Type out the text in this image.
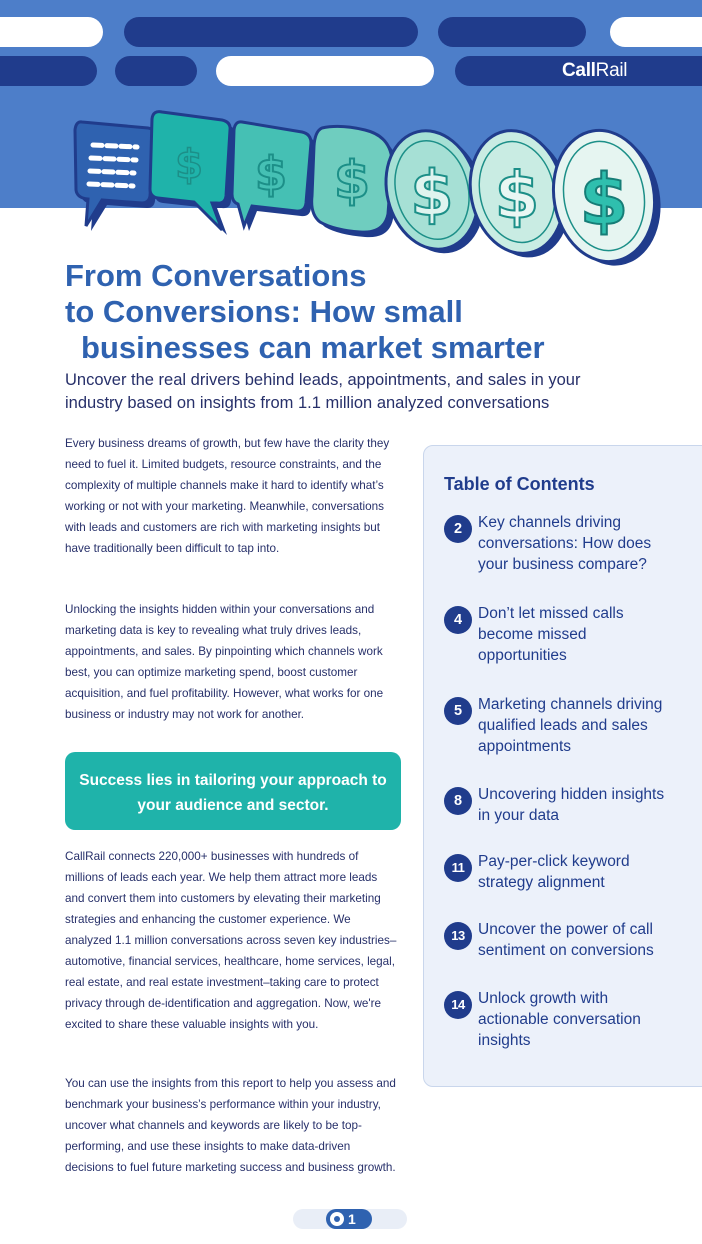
CallRail
$ $ $ $ $ $
From Conversations
to Conversions: How small
businesses can market smarter

Uncover the real drivers behind leads, appointments, and sales in your industry based on insights from 1.1 million analyzed conversations

Every business dreams of growth, but few have the clarity they need to fuel it. Limited budgets, resource constraints, and the complexity of multiple channels make it hard to identify what’s working or not with your marketing. Meanwhile, conversations with leads and customers are rich with marketing insights but have traditionally been difficult to tap into.

Unlocking the insights hidden within your conversations and marketing data is key to revealing what truly drives leads, appointments, and sales. By pinpointing which channels work best, you can optimize marketing spend, boost customer acquisition, and fuel profitability. However, what works for one business or industry may not work for another.

Success lies in tailoring your approach to your audience and sector.

CallRail connects 220,000+ businesses with hundreds of millions of leads each year. We help them attract more leads and convert them into customers by elevating their marketing strategies and enhancing the customer experience. We analyzed 1.1 million conversations across seven key industries–automotive, financial services, healthcare, home services, legal, real estate, and real estate investment–taking care to protect privacy through de-identification and aggregation. Now, we're excited to share these valuable insights with you.

You can use the insights from this report to help you assess and benchmark your business’s performance within your industry, uncover what channels and keywords are likely to be top-performing, and use these insights to make data-driven decisions to fuel future marketing success and business growth.

Table of Contents
2	Key channels driving conversations: How does your business compare?
4	Don’t let missed calls become missed opportunities
5	Marketing channels driving qualified leads and sales appointments
8	Uncovering hidden insights in your data
11 Pay-per-click keyword strategy alignment
13 Uncover the power of call sentiment on conversions
14 Unlock growth with actionable conversation insights
1
